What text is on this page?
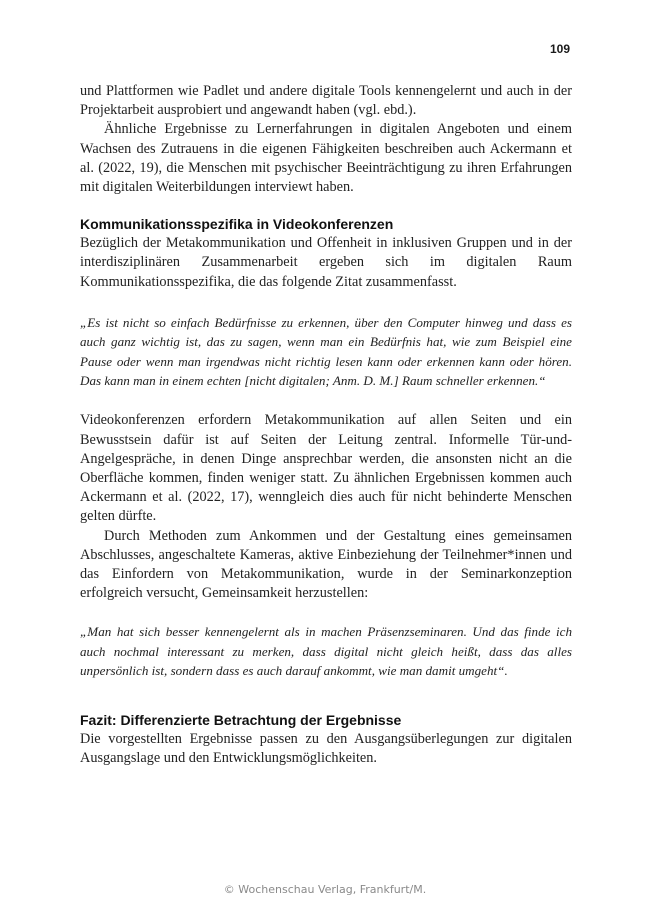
109

und Plattformen wie Padlet und andere digitale Tools kennengelernt und auch in der Projektarbeit ausprobiert und angewandt haben (vgl. ebd.).

Ähnliche Ergebnisse zu Lernerfahrungen in digitalen Angeboten und einem Wachsen des Zutrauens in die eigenen Fähigkeiten beschreiben auch Ackermann et al. (2022, 19), die Menschen mit psychischer Beeinträchtigung zu ihren Erfahrungen mit digitalen Weiterbildungen interviewt haben.

Kommunikationsspezifika in Videokonferenzen

Bezüglich der Metakommunikation und Offenheit in inklusiven Gruppen und in der interdisziplinären Zusammenarbeit ergeben sich im digitalen Raum Kommunikationsspezifika, die das folgende Zitat zusammenfasst.

„Es ist nicht so einfach Bedürfnisse zu erkennen, über den Computer hinweg und dass es auch ganz wichtig ist, das zu sagen, wenn man ein Bedürfnis hat, wie zum Beispiel eine Pause oder wenn man irgendwas nicht richtig lesen kann oder erkennen kann oder hören. Das kann man in einem echten [nicht digitalen; Anm. D. M.] Raum schneller erkennen.“

Videokonferenzen erfordern Metakommunikation auf allen Seiten und ein Bewusstsein dafür ist auf Seiten der Leitung zentral. Informelle Tür-und-Angelgespräche, in denen Dinge ansprechbar werden, die ansonsten nicht an die Oberfläche kommen, finden weniger statt. Zu ähnlichen Ergebnissen kommen auch Ackermann et al. (2022, 17), wenngleich dies auch für nicht behinderte Menschen gelten dürfte.

Durch Methoden zum Ankommen und der Gestaltung eines gemeinsamen Abschlusses, angeschaltete Kameras, aktive Einbeziehung der Teilnehmer*innen und das Einfordern von Metakommunikation, wurde in der Seminarkonzeption erfolgreich versucht, Gemeinsamkeit herzustellen:

„Man hat sich besser kennengelernt als in machen Präsenzseminaren. Und das finde ich auch nochmal interessant zu merken, dass digital nicht gleich heißt, dass das alles unpersönlich ist, sondern dass es auch darauf ankommt, wie man damit umgeht“.

Fazit: Differenzierte Betrachtung der Ergebnisse

Die vorgestellten Ergebnisse passen zu den Ausgangsüberlegungen zur digitalen Ausgangslage und den Entwicklungsmöglichkeiten.

© Wochenschau Verlag, Frankfurt/M.
